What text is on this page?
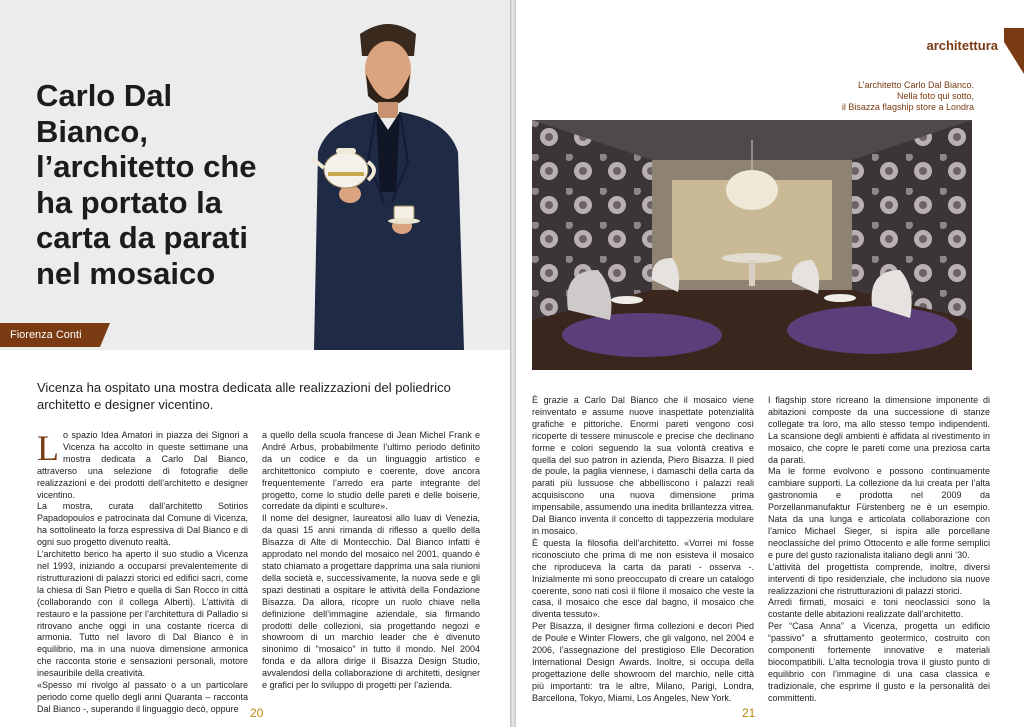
Carlo Dal Bianco, l’architetto che ha portato la carta da parati nel mosaico
Fiorenza Conti

Vicenza ha ospitato una mostra dedicata alle realizzazioni del poliedrico architetto e designer vicentino.

L o spazio Idea Amatori in piazza dei Signori a Vicenza ha accolto in queste settimane una mostra dedicata a Carlo Dal Bianco, attraverso una selezione di fotografie delle realizzazioni e dei prodotti dell’architetto e designer vicentino.

La mostra, curata dall’architetto Sotirios Papadopoulos e patrocinata dal Comune di Vicenza, ha sottolineato la forza espressiva di Dal Bianco e di ogni suo progetto divenuto realtà.

L’architetto berico ha aperto il suo studio a Vicenza nel 1993, iniziando a occuparsi prevalentemente di ristrutturazioni di palazzi storici ed edifici sacri, come la chiesa di San Pietro e quella di San Rocco in città (collaborando con il collega Alberti). L’attività di restauro e la passione per l’architettura di Palladio si ritrovano anche oggi in una costante ricerca di armonia. Tutto nel lavoro di Dal Bianco è in equilibrio, ma in una nuova dimensione armonica che racconta storie e sensazioni personali, motore inesauribile della creatività.

«Spesso mi rivolgo al passato o a un particolare periodo come quello degli anni Quaranta – racconta Dal Bianco -, superando il linguaggio decò, oppure

a quello della scuola francese di Jean Michel Frank e André Arbus, probabilmente l’ultimo periodo definito da un codice e da un linguaggio artistico e architettonico compiuto e coerente, dove ancora frequentemente l’arredo era parte integrante del progetto, come lo studio delle pareti e delle boiserie, corredate da dipinti e sculture».

Il nome del designer, laureatosi allo Iuav di Venezia, da quasi 15 anni rimanda di riflesso a quello della Bisazza di Alte di Montecchio. Dal Bianco infatti è approdato nel mondo del mosaico nel 2001, quando è stato chiamato a progettare dapprima una sala riunioni della società e, successivamente, la nuova sede e gli spazi destinati a ospitare le attività della Fondazione Bisazza. Da allora, ricopre un ruolo chiave nella definizione dell’immagine aziendale, sia firmando prodotti delle collezioni, sia progettando negozi e showroom di un marchio leader che è divenuto sinonimo di “mosaico” in tutto il mondo. Nel 2004 fonda e da allora dirige il Bisazza Design Studio, avvalendosi della collaborazione di architetti, designer e grafici per lo sviluppo di progetti per l’azienda.

20
architettura
L’architetto Carlo Dal Bianco.
Nella foto qui sotto,
il Bisazza flagship store a Londra

È grazie a Carlo Dal Bianco che il mosaico viene reinventato e assume nuove inaspettate potenzialità grafiche e pittoriche. Enormi pareti vengono così ricoperte di tessere minuscole e precise che declinano forme e colori seguendo la sua volontà creativa e quella del suo patron in azienda, Piero Bisazza. Il pied de poule, la paglia viennese, i damaschi della carta da parati più lussuose che abbelliscono i palazzi reali acquisiscono una nuova dimensione prima impensabile, assumendo una inedita brillantezza vitrea. Dal Bianco inventa il concetto di tappezzeria modulare in mosaico.

È questa la filosofia dell’architetto. «Vorrei mi fosse riconosciuto che prima di me non esisteva il mosaico che riproduceva la carta da parati - osserva -. Inizialmente mi sono preoccupato di creare un catalogo coerente, sono nati così il filone il mosaico che veste la casa, il mosaico che esce dal bagno, il mosaico che diventa tessuto».

Per Bisazza, il designer firma collezioni e decori Pied de Poule e Winter Flowers, che gli valgono, nel 2004 e 2006, l’assegnazione del prestigioso Elle Decoration International Design Awards. Inoltre, si occupa della progettazione delle showroom del marchio, nelle città più importanti: tra le altre, Milano, Parigi, Londra, Barcellona, Tokyo, Miami, Los Angeles, New York.

I flagship store ricreano la dimensione imponente di abitazioni composte da una successione di stanze collegate tra loro, ma allo stesso tempo indipendenti. La scansione degli ambienti è affidata al rivestimento in mosaico, che copre le pareti come una preziosa carta da parati.

Ma le forme evolvono e possono continuamente cambiare supporti. La collezione da lui creata per l’alta gastronomia e prodotta nel 2009 da Porzellanmanufaktur Fürstenberg ne è un esempio. Nata da una lunga e articolata collaborazione con l’amico Michael Sieger, si ispira alle porcellane neoclassiche del primo Ottocento e alle forme semplici e pure del gusto razionalista italiano degli anni ‘30.

L’attività del progettista comprende, inoltre, diversi interventi di tipo residenziale, che includono sia nuove realizzazioni che ristrutturazioni di palazzi storici.

Arredi firmati, mosaici e toni neoclassici sono la costante delle abitazioni realizzate dall’architetto.

Per “Casa Anna” a Vicenza, progetta un edificio “passivo” a sfruttamento geotermico, costruito con componenti fortemente innovative e materiali biocompatibili. L’alta tecnologia trova il giusto punto di equilibrio con l’immagine di una casa classica e tradizionale, che esprime il gusto e la personalità dei committenti.

21
